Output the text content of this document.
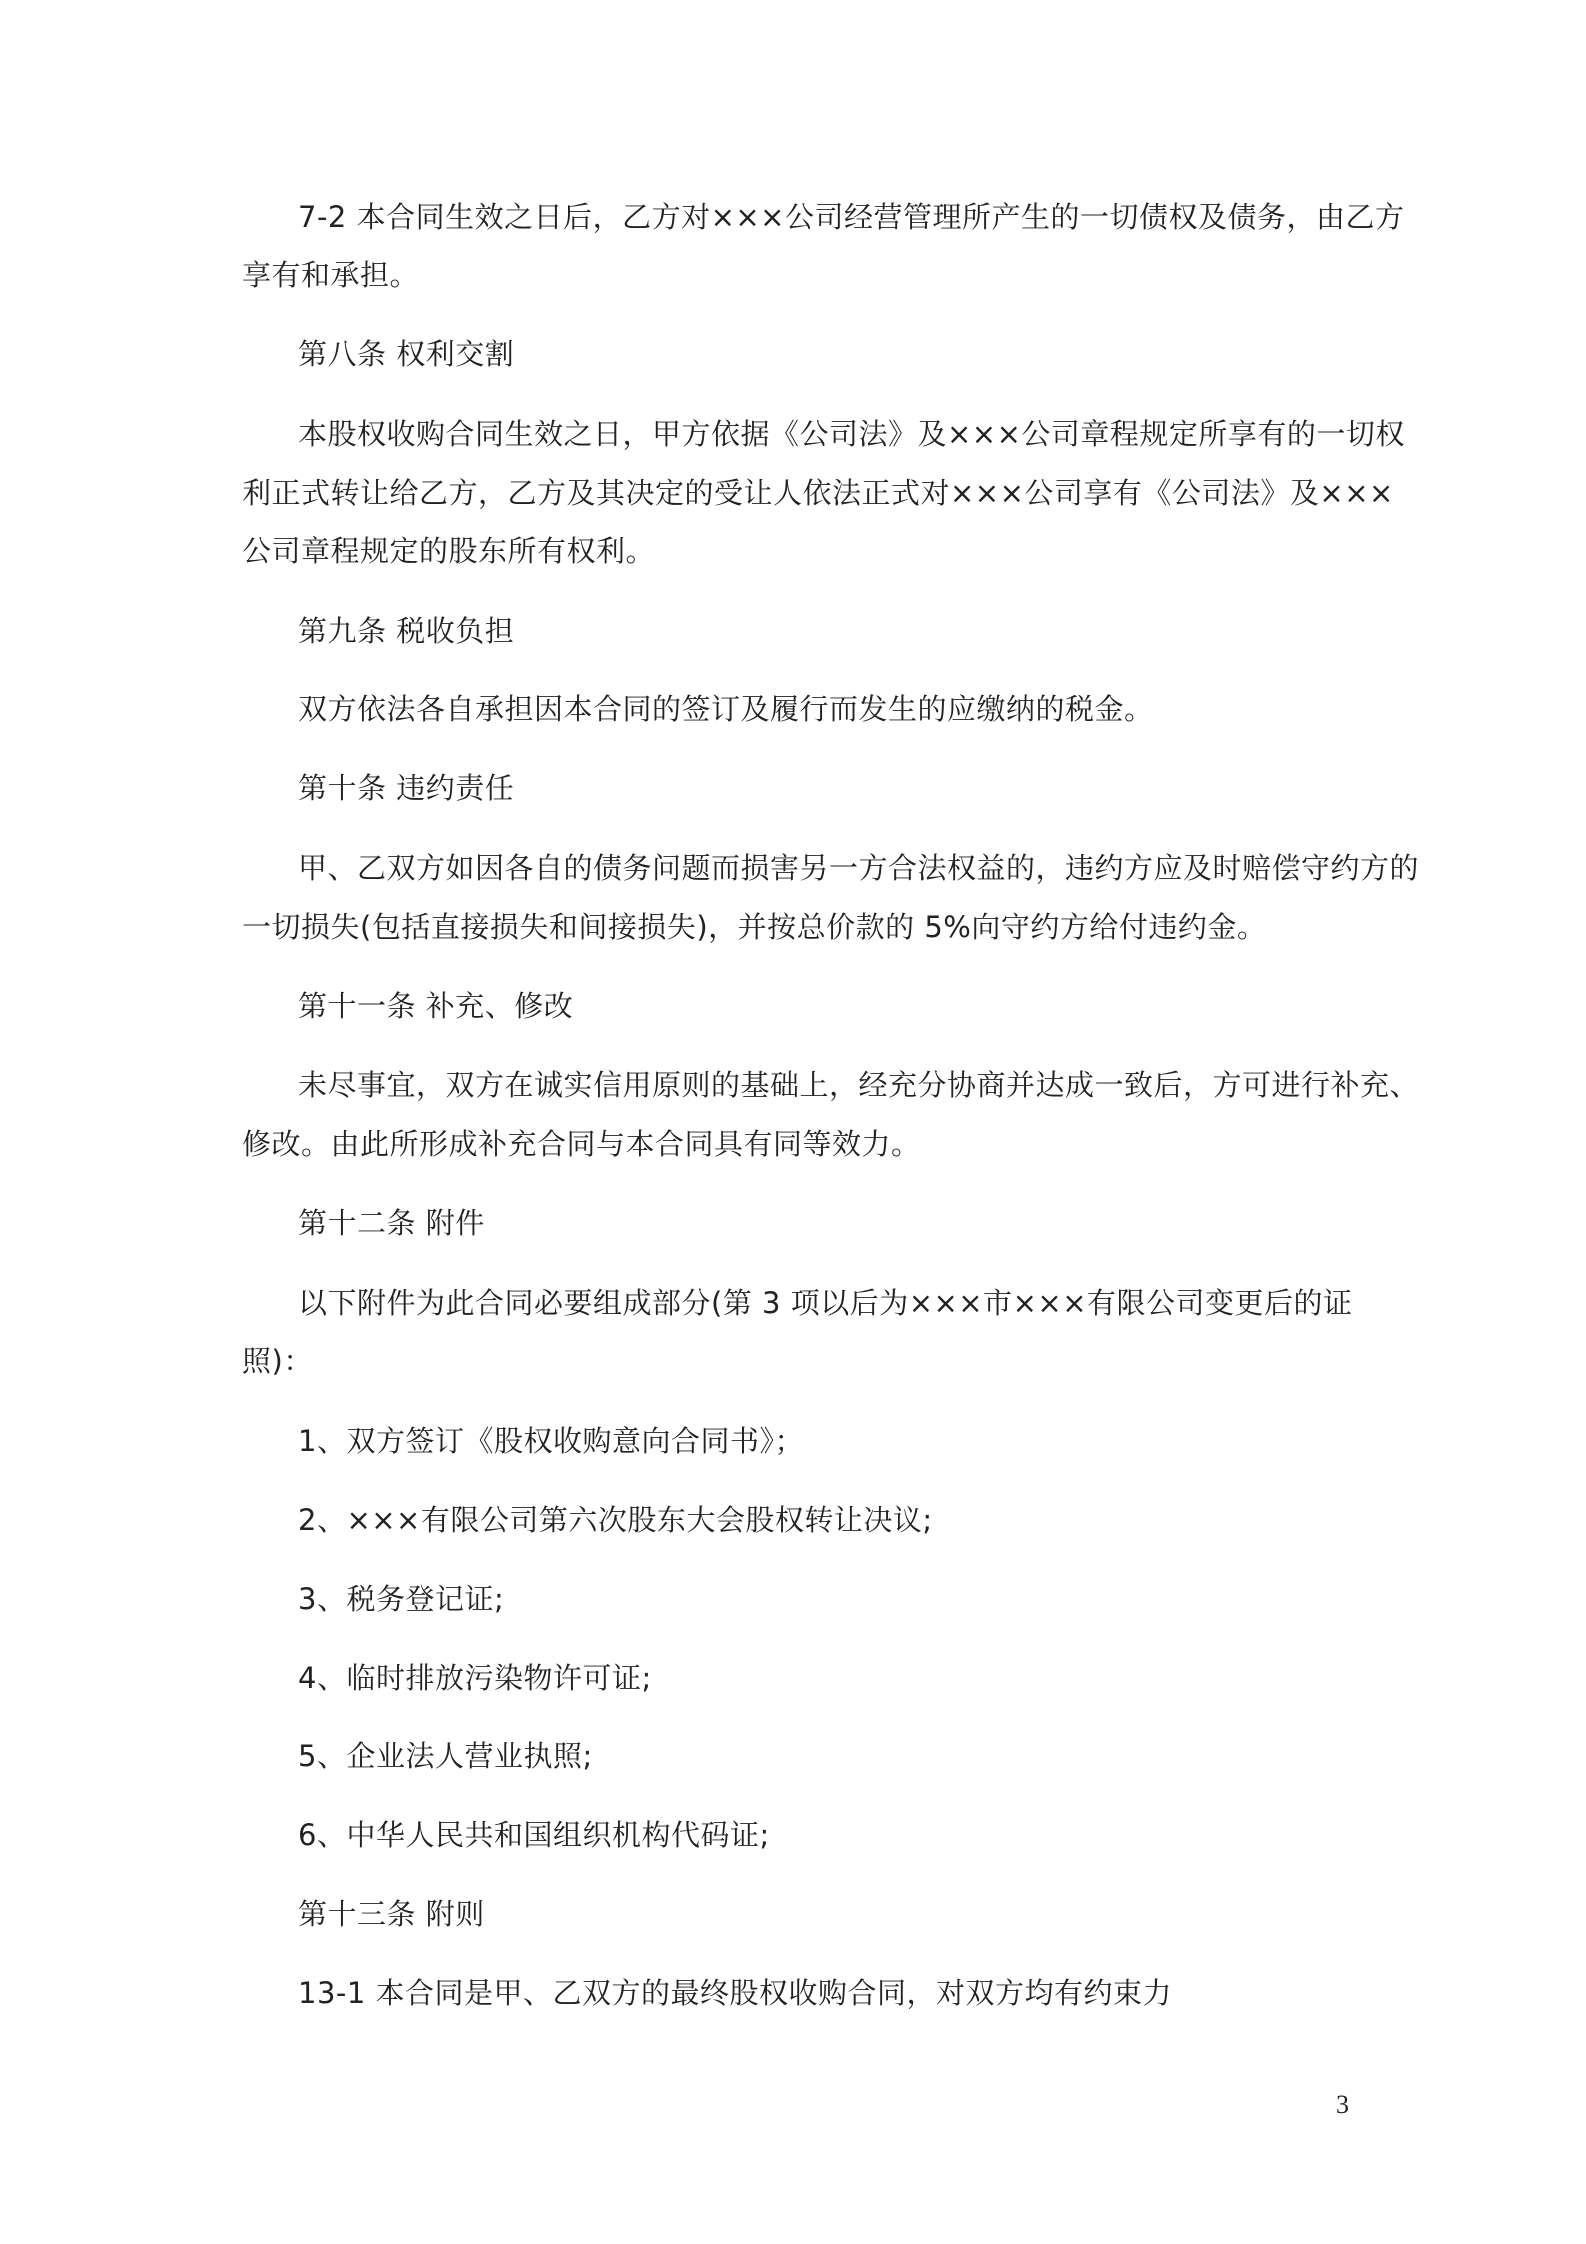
7-2 本合同生效之日后，乙方对×××公司经营管理所产生的一切债权及债务，由乙方
享有和承担。
第八条 权利交割
本股权收购合同生效之日，甲方依据《公司法》及×××公司章程规定所享有的一切权
利正式转让给乙方，乙方及其决定的受让人依法正式对×××公司享有《公司法》及×××
公司章程规定的股东所有权利。
第九条 税收负担
双方依法各自承担因本合同的签订及履行而发生的应缴纳的税金。
第十条 违约责任
甲、乙双方如因各自的债务问题而损害另一方合法权益的，违约方应及时赔偿守约方的
一切损失(包括直接损失和间接损失)，并按总价款的 5%向守约方给付违约金。
第十一条 补充、修改
未尽事宜，双方在诚实信用原则的基础上，经充分协商并达成一致后，方可进行补充、
修改。由此所形成补充合同与本合同具有同等效力。
第十二条 附件
以下附件为此合同必要组成部分(第 3 项以后为×××市×××有限公司变更后的证
照)：
1、双方签订《股权收购意向合同书》；
2、×××有限公司第六次股东大会股权转让决议;
3、税务登记证;
4、临时排放污染物许可证;
5、企业法人营业执照;
6、中华人民共和国组织机构代码证;
第十三条 附则
13-1 本合同是甲、乙双方的最终股权收购合同，对双方均有约束力
3
